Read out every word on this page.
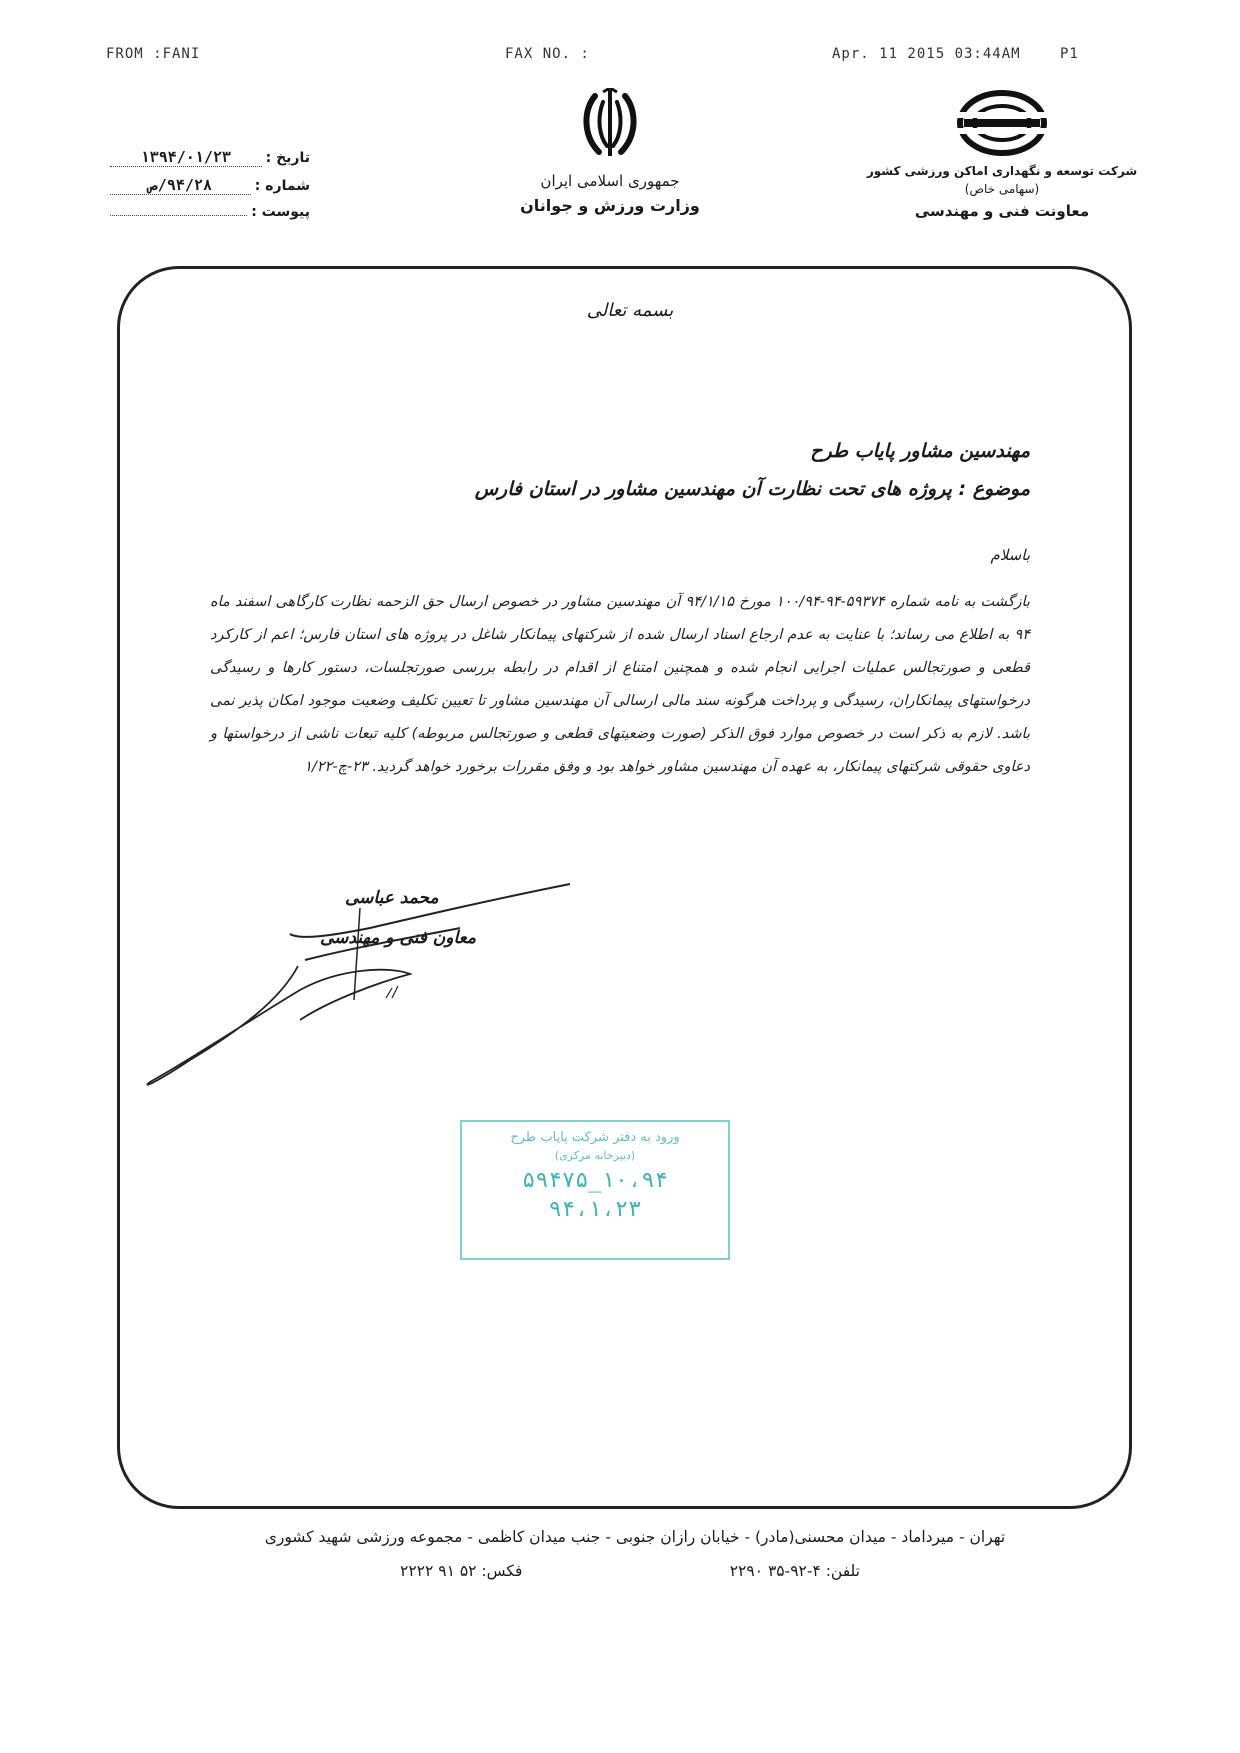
FROM :FANI	FAX NO. :	Apr. 11 2015 03:44AM	P1
شرکت توسعه و نگهداری اماکن ورزشی کشور
(سهامی خاص)
معاونت فنی و مهندسی
جمهوری اسلامی ایران
وزارت ورزش و جوانان
تاریخ :
۱۳۹۴/۰۱/۲۳
شماره :
۹۴/۲۸/ص
پیوست :
بسمه تعالی
مهندسین مشاور پایاب طرح
موضوع : پروژه های تحت نظارت آن مهندسین مشاور در استان فارس
باسلام
بازگشت به نامه شماره ۵۹۳۷۴-۹۴-۱۰۰/۹۴ مورخ ۹۴/۱/۱۵ آن مهندسین مشاور در خصوص ارسال حق الزحمه نظارت کارگاهی اسفند ماه ۹۴ به اطلاع می رساند؛ با عنایت به عدم ارجاع اسناد ارسال شده از شرکتهای پیمانکار شاغل در پروژه های استان فارس؛ اعم از کارکرد قطعی و صورتجالس عملیات اجرایی انجام شده و همچنین امتناع از اقدام در رابطه بررسی صورتجلسات، دستور کارها و رسیدگی درخواستهای پیمانکاران، رسیدگی و پرداخت هرگونه سند مالی ارسالی آن مهندسین مشاور تا تعیین تکلیف وضعیت موجود امکان پذیر نمی باشد. لازم به ذکر است در خصوص موارد فوق الذکر (صورت وضعیتهای قطعی و صورتجالس مربوطه) کلیه تبعات ناشی از درخواستها و دعاوی حقوقی شرکتهای پیمانکار، به عهده آن مهندسین مشاور خواهد بود و وفق مقررات برخورد خواهد گردید. ۲۳-چ-۱/۲۲
محمد عباسی
معاون فنی و مهندسی
ورود به دفتر شرکت پایاب طرح
(دبیرخانه مرکزی)
۱۰،۹۴_۵۹۴۷۵
۹۴،۱،۲۳
تهران - میرداماد - میدان محسنی(مادر) - خیابان رازان جنوبی - جنب میدان کاظمی - مجموعه ورزشی شهید کشوری
تلفن: ۴-۹۲-۳۵ ۲۲۹۰
فکس: ۵۲ ۹۱ ۲۲۲۲
